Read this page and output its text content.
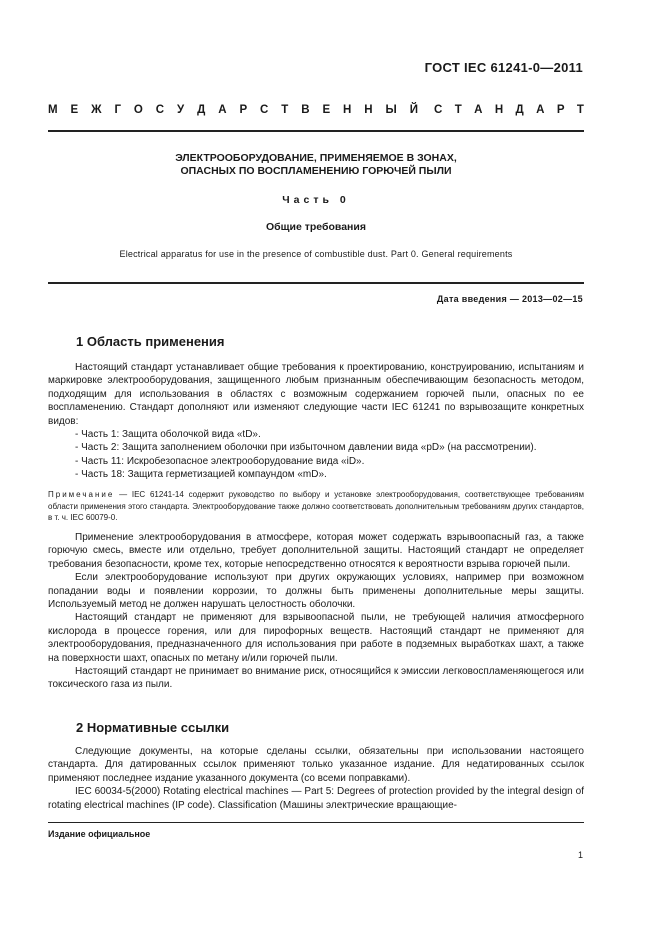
ГОСТ IEC 61241-0—2011
М Е Ж Г О С У Д А Р С Т В Е Н Н Ы Й С Т А Н Д А Р Т
ЭЛЕКТРООБОРУДОВАНИЕ, ПРИМЕНЯЕМОЕ В ЗОНАХ,
ОПАСНЫХ ПО ВОСПЛАМЕНЕНИЮ ГОРЮЧЕЙ ПЫЛИ
Часть 0
Общие требования
Electrical apparatus for use in the presence of combustible dust. Part 0. General requirements
Дата введения — 2013—02—15
1 Область применения

Настоящий стандарт устанавливает общие требования к проектированию, конструированию, испытаниям и маркировке электрооборудования, защищенного любым признанным обеспечивающим безопасность методом, подходящим для использования в областях с возможным содержанием горючей пыли, опасных по ее воспламенению. Стандарт дополняют или изменяют следующие части IEC 61241 по взрывозащите конкретных видов:

- Часть 1: Защита оболочкой вида «tD».
- Часть 2: Защита заполнением оболочки при избыточном давлении вида «pD» (на рассмотрении).
- Часть 11: Искробезопасное электрооборудование вида «iD».
- Часть 18: Защита герметизацией компаундом «mD».
Примечание — IEC 61241-14 содержит руководство по выбору и установке электрооборудования, соответствующее требованиям области применения этого стандарта. Электрооборудование также должно соответствовать дополнительным требованиям других стандартов, в т. ч. IEC 60079-0.

Применение электрооборудования в атмосфере, которая может содержать взрывоопасный газ, а также горючую смесь, вместе или отдельно, требует дополнительной защиты. Настоящий стандарт не определяет требования безопасности, кроме тех, которые непосредственно относятся к вероятности взрыва горючей пыли.

Если электрооборудование используют при других окружающих условиях, например при возможном попадании воды и появлении коррозии, то должны быть применены дополнительные меры защиты. Используемый метод не должен нарушать целостность оболочки.

Настоящий стандарт не применяют для взрывоопасной пыли, не требующей наличия атмосферного кислорода в процессе горения, или для пирофорных веществ. Настоящий стандарт не применяют для электрооборудования, предназначенного для использования при работе в подземных выработках шахт, а также на поверхности шахт, опасных по метану и/или горючей пыли.

Настоящий стандарт не принимает во внимание риск, относящийся к эмиссии легковоспламеняющегося или токсического газа из пыли.

2 Нормативные ссылки

Следующие документы, на которые сделаны ссылки, обязательны при использовании настоящего стандарта. Для датированных ссылок применяют только указанное издание. Для недатированных ссылок применяют последнее издание указанного документа (со всеми поправками).

IEC 60034-5(2000) Rotating electrical machines — Part 5: Degrees of protection provided by the integral design of rotating electrical machines (IP code). Classification (Машины электрические вращающие-

Издание официальное
1
